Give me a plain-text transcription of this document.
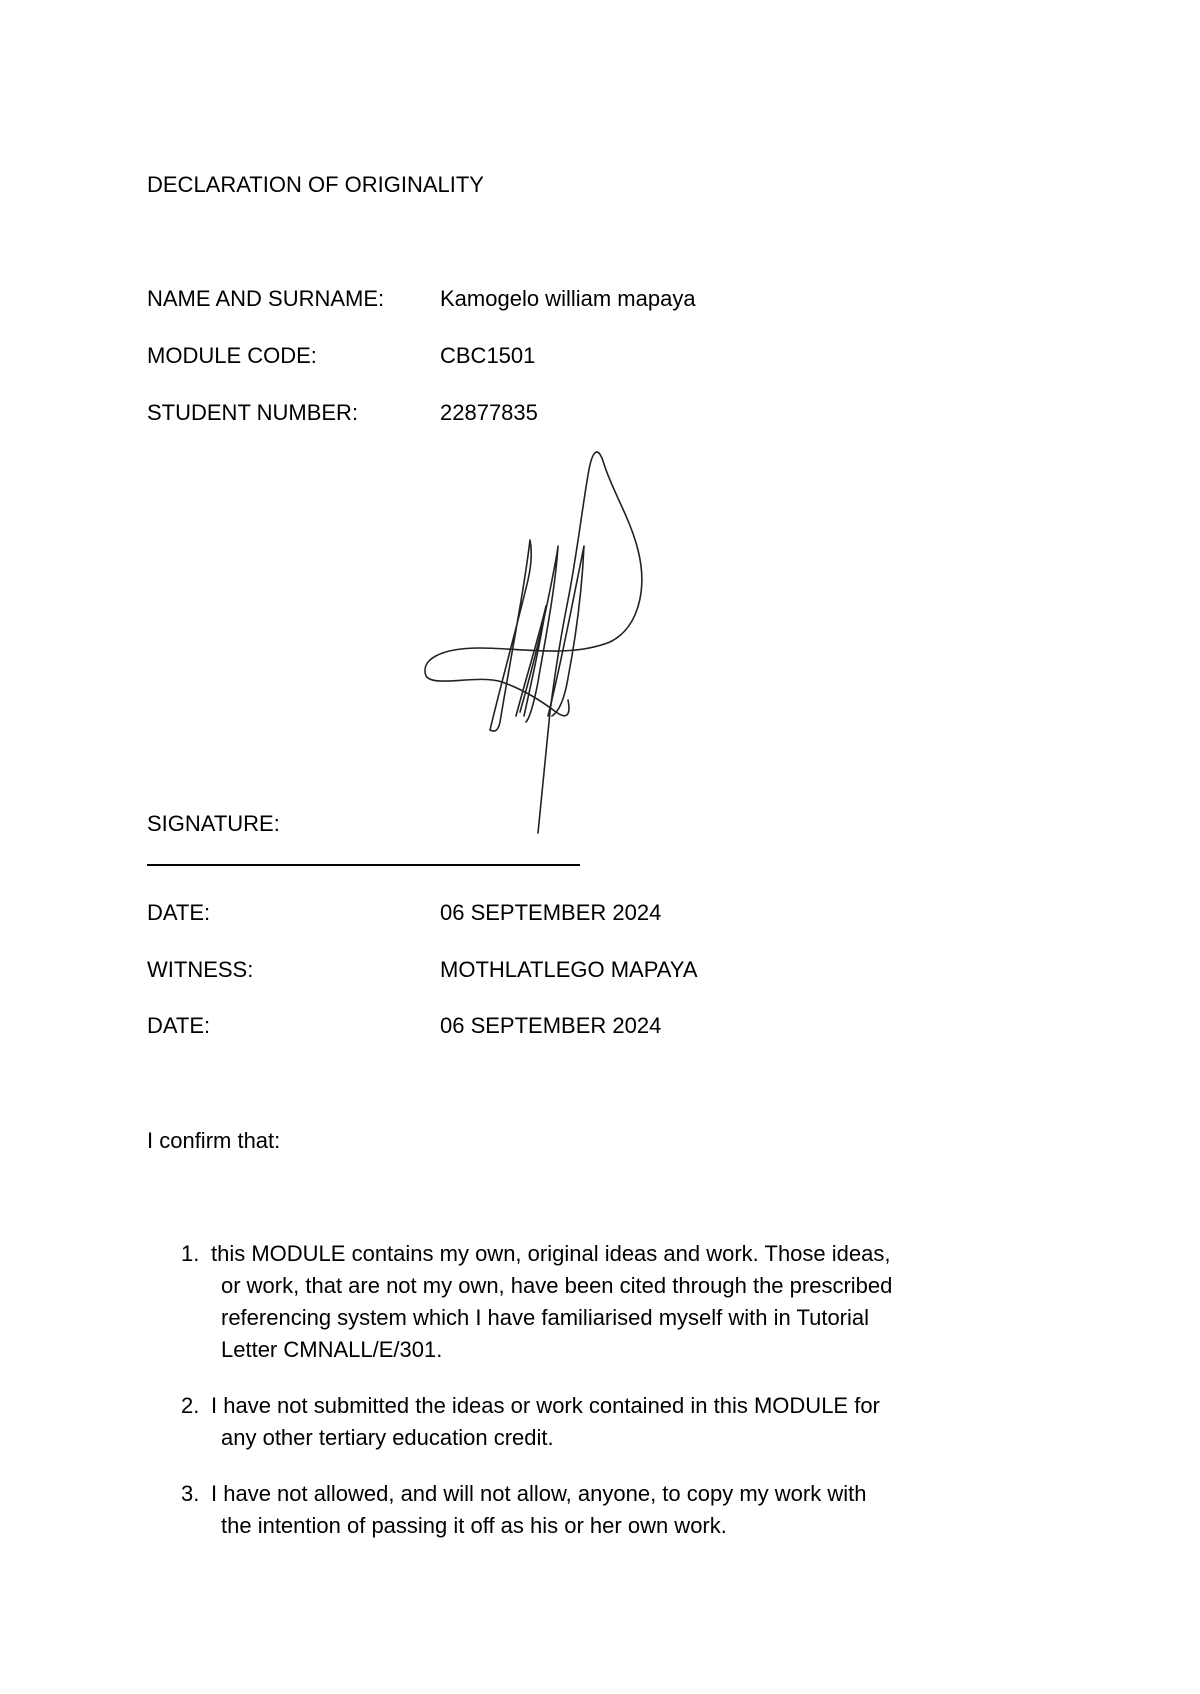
DECLARATION OF ORIGINALITY
NAME AND SURNAME:	Kamogelo william mapaya
MODULE CODE:	CBC1501
STUDENT NUMBER:	22877835
SIGNATURE:
DATE:	06 SEPTEMBER 2024
WITNESS:	MOTHLATLEGO MAPAYA
DATE:	06 SEPTEMBER 2024
I confirm that:
1. this MODULE contains my own, original ideas and work. Those ideas,
or work, that are not my own, have been cited through the prescribed
referencing system which I have familiarised myself with in Tutorial
Letter CMNALL/E/301.
2. I have not submitted the ideas or work contained in this MODULE for
any other tertiary education credit.
3. I have not allowed, and will not allow, anyone, to copy my work with
the intention of passing it off as his or her own work.
